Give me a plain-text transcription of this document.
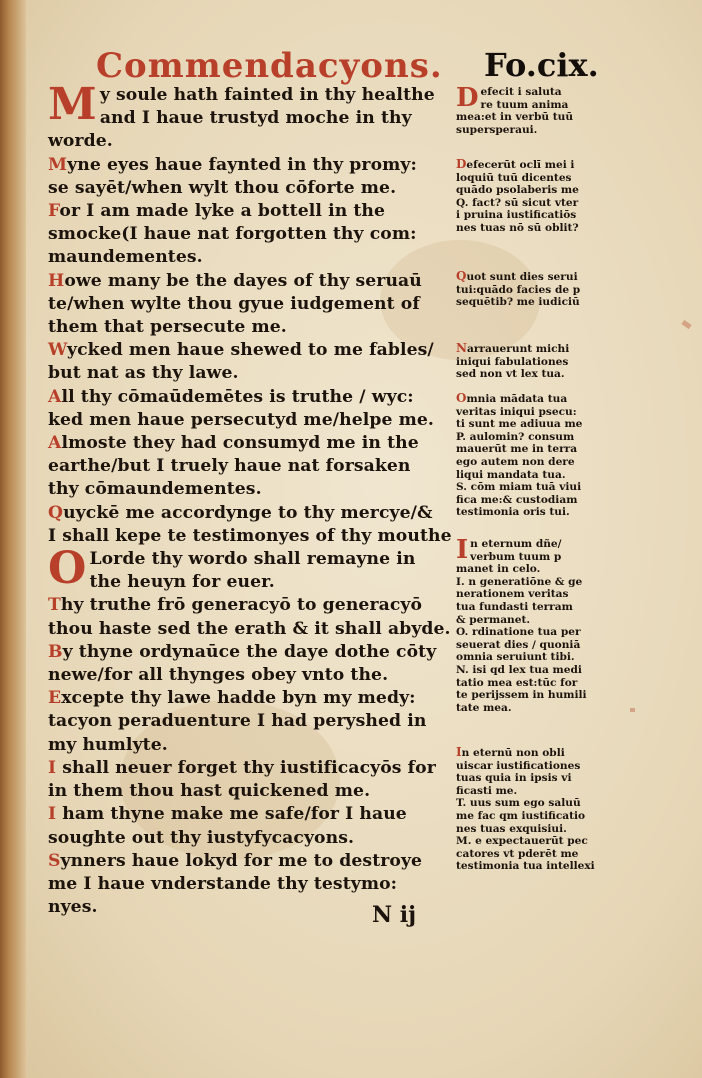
Commendacyons. Fo.cix.
My soule hath fainted in thy healthe
and I haue trustyd moche in thy
worde.
Myne eyes haue faynted in thy promy:
se sayēt/when wylt thou cōforte me.
For I am made lyke a bottell in the
smocke(I haue nat forgotten thy com:
maundementes.
Howe many be the dayes of thy seruaū
te/when wylte thou gyue iudgement of
them that persecute me.
Wycked men haue shewed to me fables/
but nat as thy lawe.
All thy cōmaūdemētes is truthe / wyc:
ked men haue persecutyd me/helpe me.
Almoste they had consumyd me in the
earthe/but I truely haue nat forsaken
thy cōmaundementes.
Quyckē me accordynge to thy mercye/&
I shall kepe te testimonyes of thy mouthe
O Lorde thy wordo shall remayne in
the heuyn for euer.
Thy truthe frō generacyō to generacyō
thou haste sed the erath & it shall abyde.
By thyne ordynaūce the daye dothe cōty
newe/for all thynges obey vnto the.
Excepte thy lawe hadde byn my medy:
tacyon peraduenture I had peryshed in
my humlyte.
I shall neuer forget thy iustificacyōs for
in them thou hast quickened me.
I ham thyne make me safe/for I haue
soughte out thy iustyfycacyons.
Synners haue lokyd for me to destroye
me I haue vnderstande thy testymo:
nyes.
Defecit i saluta
re tuum anima
mea:et in verbū tuū
supersperaui.
Defecerūt oclī mei i
loquiū tuū dicentes
quādo psolaberis me
Q. fact? sū sicut vter
i pruina iustificatiōs
nes tuas nō sū oblit?
Quot sunt dies serui
tui:quādo facies de p
sequētib? me iudiciū
Narrauerunt michi
iniqui fabulationes
sed non vt lex tua.
Omnia mādata tua
veritas iniqui psecu:
ti sunt me adiuua me
P. aulomin? consum
mauerūt me in terra
ego autem non dere
liqui mandata tua.
S. cōm miam tuā viui
fica me:& custodiam
testimonia oris tui.
In eternum dñe/
verbum tuum p
manet in celo.
I. n generatiōne & ge
nerationem veritas
tua fundasti terram
& permanet.
O. rdinatione tua per
seuerat dies / quoniā
omnia seruiunt tibi.
N. isi qd lex tua medi
tatio mea est:tūc for
te perijssem in humili
tate mea.
In eternū non obli
uiscar iustificationes
tuas quia in ipsis vi
ficasti me.
T. uus sum ego saluū
me fac qm iustificatio
nes tuas exquisiui.
M. e expectauerūt pec
catores vt pderēt me
testimonia tua intellexi
N ij
